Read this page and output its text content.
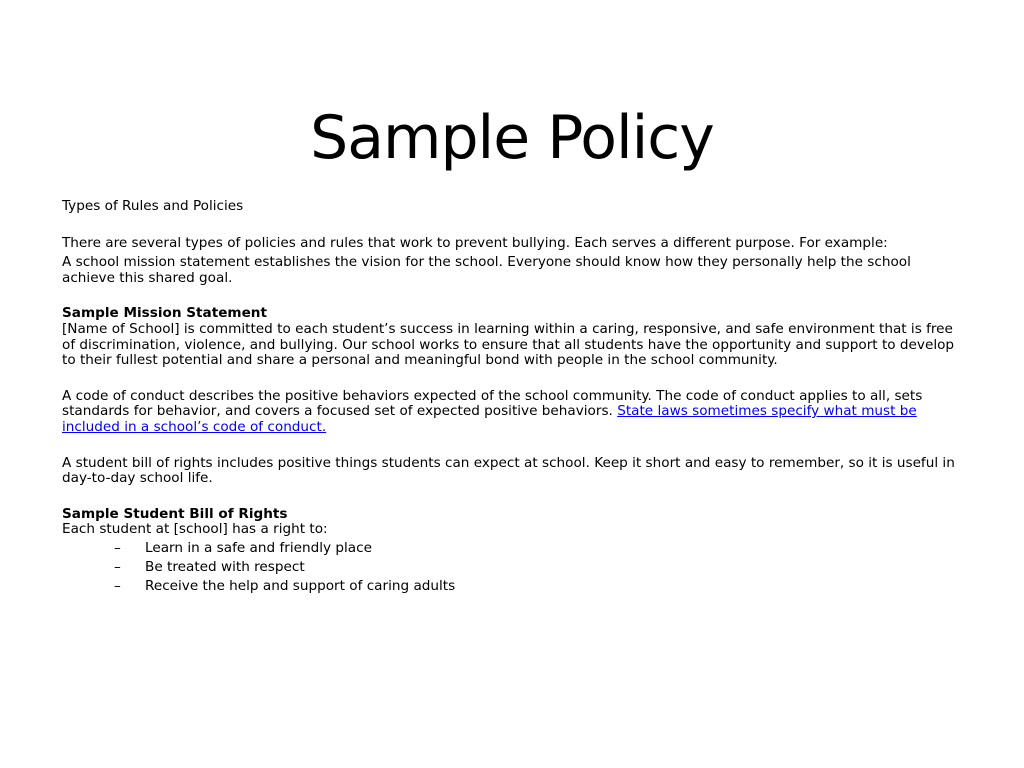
Sample Policy

Types of Rules and Policies

There are several types of policies and rules that work to prevent bullying. Each serves a different purpose. For example:

A school mission statement establishes the vision for the school. Everyone should know how they personally help the school achieve this shared goal.

Sample Mission Statement

[Name of School] is committed to each student’s success in learning within a caring, responsive, and safe environment that is free of discrimination, violence, and bullying. Our school works to ensure that all students have the opportunity and support to develop to their fullest potential and share a personal and meaningful bond with people in the school community.

A code of conduct describes the positive behaviors expected of the school community. The code of conduct applies to all, sets standards for behavior, and covers a focused set of expected positive behaviors. State laws sometimes specify what must be included in a school’s code of conduct.

A student bill of rights includes positive things students can expect at school. Keep it short and easy to remember, so it is useful in day-to-day school life.

Sample Student Bill of Rights

Each student at [school] has a right to:

– Learn in a safe and friendly place
– Be treated with respect
– Receive the help and support of caring adults
